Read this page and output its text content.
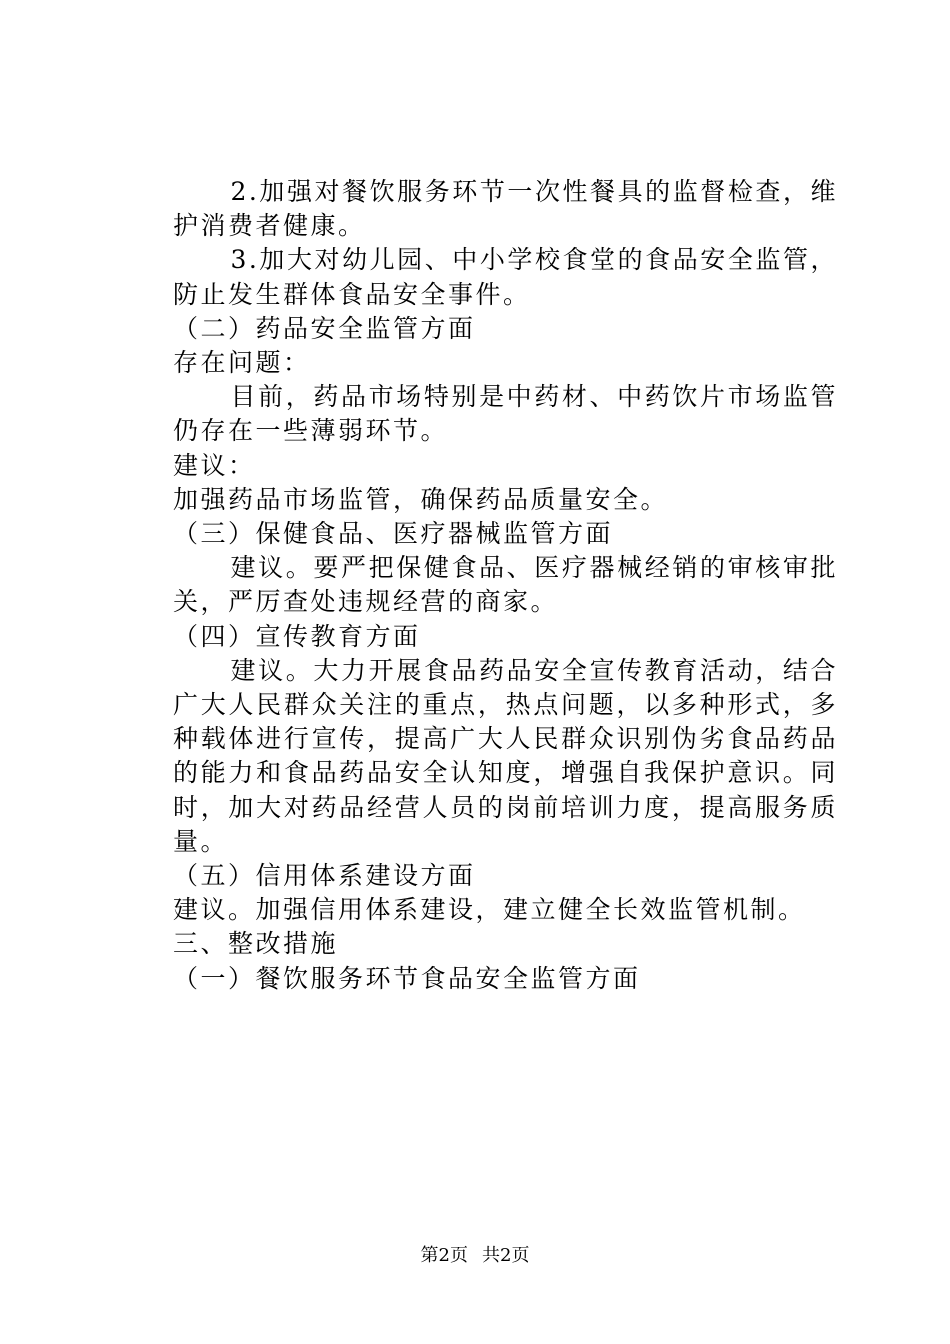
2.加强对餐饮服务环节一次性餐具的监督检查，维护消费者健康。

3.加大对幼儿园、中小学校食堂的食品安全监管，防止发生群体食品安全事件。

（二）药品安全监管方面

存在问题：

目前，药品市场特别是中药材、中药饮片市场监管仍存在一些薄弱环节。

建议：

加强药品市场监管，确保药品质量安全。

（三）保健食品、医疗器械监管方面

建议。要严把保健食品、医疗器械经销的审核审批关，严厉查处违规经营的商家。

（四）宣传教育方面

建议。大力开展食品药品安全宣传教育活动，结合广大人民群众关注的重点，热点问题，以多种形式，多种载体进行宣传，提高广大人民群众识别伪劣食品药品的能力和食品药品安全认知度，增强自我保护意识。同时，加大对药品经营人员的岗前培训力度，提高服务质量。

（五）信用体系建设方面

建议。加强信用体系建设，建立健全长效监管机制。

三、整改措施

（一）餐饮服务环节食品安全监管方面

第2页 共2页
